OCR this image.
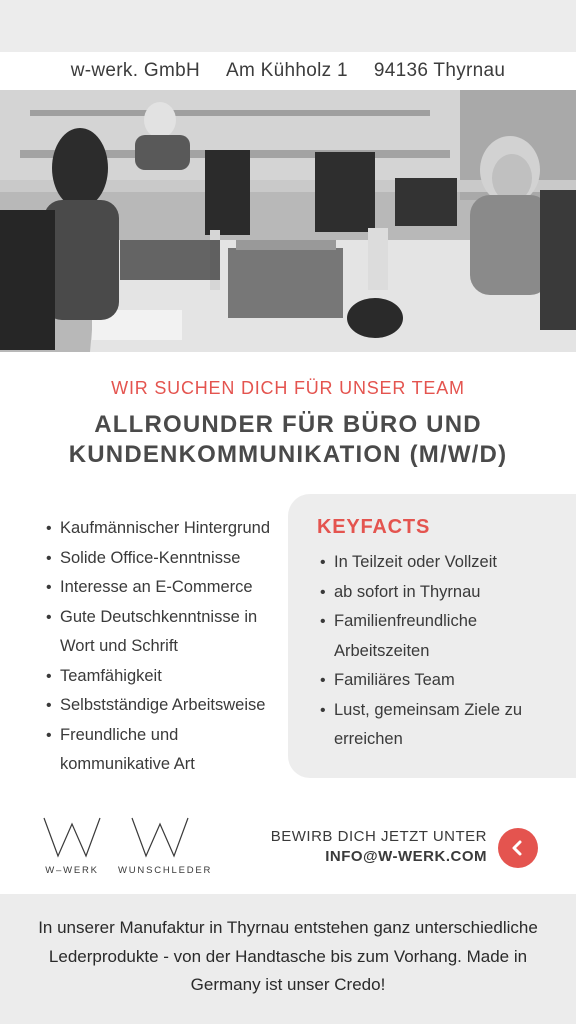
w-werk. GmbH Am Kühholz 1 94136 Thyrnau
WIR SUCHEN DICH FÜR UNSER TEAM
ALLROUNDER FÜR BÜRO UND
KUNDENKOMMUNIKATION (M/W/D)
• Kaufmännischer Hintergrund
• Solide Office-Kenntnisse
• Interesse an E-Commerce
• Gute Deutschkenntnisse in Wort und Schrift
• Teamfähigkeit
• Selbstständige Arbeitsweise
• Freundliche und kommunikative Art
KEYFACTS
• In Teilzeit oder Vollzeit
• ab sofort in Thyrnau
• Familienfreundliche Arbeitszeiten
• Familiäres Team
• Lust, gemeinsam Ziele zu erreichen
W–WERK	WUNSCHLEDER
BEWIRB DICH JETZT UNTER
INFO@W-WERK.COM
In unserer Manufaktur in Thyrnau entstehen ganz unterschiedliche Lederprodukte - von der Handtasche bis zum Vorhang. Made in Germany ist unser Credo!
